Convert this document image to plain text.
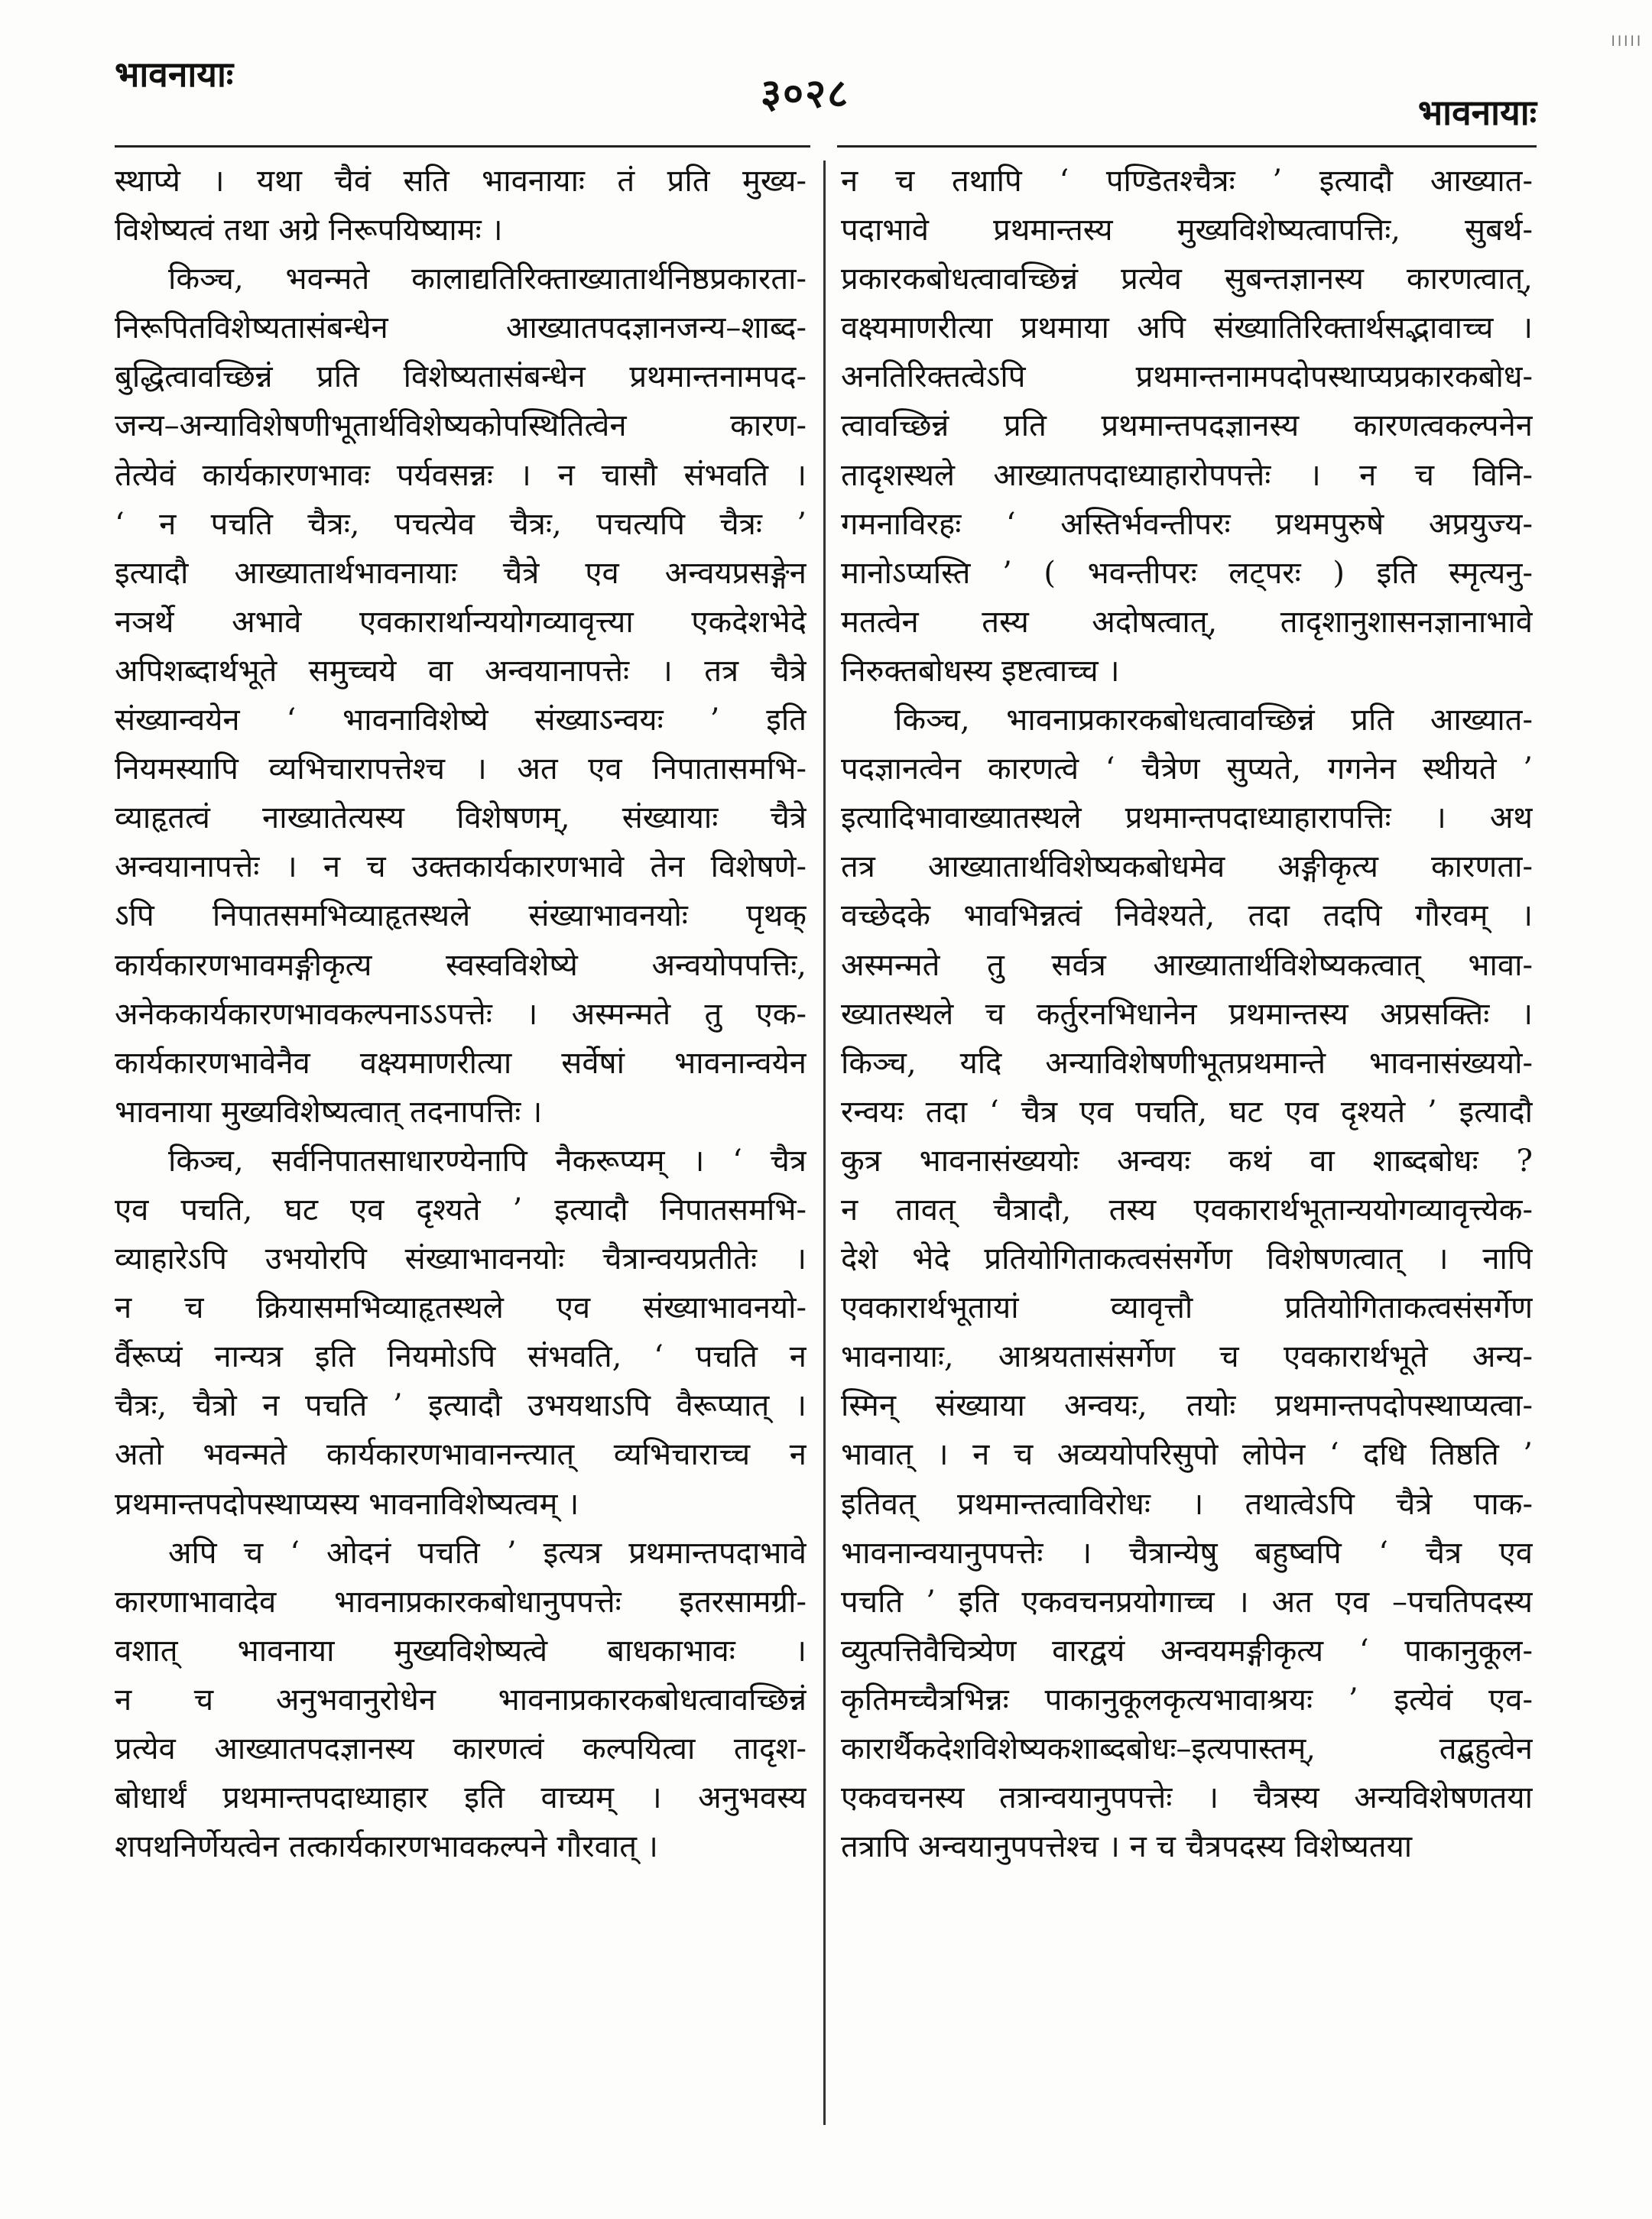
भावनायाः	३०२८	भावनायाः
।।।।।
स्थाप्ये । यथा चैवं सति भावनायाः तं प्रति मुख्य-
विशेष्यत्वं तथा अग्रे निरूपयिष्यामः ।
किञ्च, भवन्मते कालाद्यतिरिक्ताख्यातार्थनिष्ठप्रकारता-
निरूपितविशेष्यतासंबन्धेन आख्यातपदज्ञानजन्य–शाब्द-
बुद्धित्वावच्छिन्नं प्रति विशेष्यतासंबन्धेन प्रथमान्तनामपद-
जन्य–अन्याविशेषणीभूतार्थविशेष्यकोपस्थितित्वेन कारण-
तेत्येवं कार्यकारणभावः पर्यवसन्नः । न चासौ संभवति ।
‘ न पचति चैत्रः, पचत्येव चैत्रः, पचत्यपि चैत्रः ’
इत्यादौ आख्यातार्थभावनायाः चैत्रे एव अन्वयप्रसङ्गेन
नञर्थे अभावे एवकारार्थान्ययोगव्यावृत्त्या एकदेशभेदे
अपिशब्दार्थभूते समुच्चये वा अन्वयानापत्तेः । तत्र चैत्रे
संख्यान्वयेन ‘ भावनाविशेष्ये संख्याऽन्वयः ’ इति
नियमस्यापि व्यभिचारापत्तेश्च । अत एव निपातासमभि-
व्याहृतत्वं नाख्यातेत्यस्य विशेषणम्, संख्यायाः चैत्रे
अन्वयानापत्तेः । न च उक्तकार्यकारणभावे तेन विशेषणे-
ऽपि निपातसमभिव्याहृतस्थले संख्याभावनयोः पृथक्
कार्यकारणभावमङ्गीकृत्य स्वस्वविशेष्ये अन्वयोपपत्तिः,
अनेककार्यकारणभावकल्पनाऽऽपत्तेः । अस्मन्मते तु एक-
कार्यकारणभावेनैव वक्ष्यमाणरीत्या सर्वेषां भावनान्वयेन
भावनाया मुख्यविशेष्यत्वात् तदनापत्तिः ।
किञ्च, सर्वनिपातसाधारण्येनापि नैकरूप्यम् । ‘ चैत्र
एव पचति, घट एव दृश्यते ’ इत्यादौ निपातसमभि-
व्याहारेऽपि उभयोरपि संख्याभावनयोः चैत्रान्वयप्रतीतेः ।
न च क्रियासमभिव्याहृतस्थले एव संख्याभावनयो-
र्वैरूप्यं नान्यत्र इति नियमोऽपि संभवति, ‘ पचति न
चैत्रः, चैत्रो न पचति ’ इत्यादौ उभयथाऽपि वैरूप्यात् ।
अतो भवन्मते कार्यकारणभावानन्त्यात् व्यभिचाराच्च न
प्रथमान्तपदोपस्थाप्यस्य भावनाविशेष्यत्वम् ।
अपि च ‘ ओदनं पचति ’ इत्यत्र प्रथमान्तपदाभावे
कारणाभावादेव भावनाप्रकारकबोधानुपपत्तेः इतरसामग्री-
वशात् भावनाया मुख्यविशेष्यत्वे बाधकाभावः ।
न च अनुभवानुरोधेन भावनाप्रकारकबोधत्वावच्छिन्नं
प्रत्येव आख्यातपदज्ञानस्य कारणत्वं कल्पयित्वा तादृश-
बोधार्थं प्रथमान्तपदाध्याहार इति वाच्यम् । अनुभवस्य
शपथनिर्णेयत्वेन तत्कार्यकारणभावकल्पने गौरवात् ।
न च तथापि ‘ पण्डितश्चैत्रः ’ इत्यादौ आख्यात-
पदाभावे प्रथमान्तस्य मुख्यविशेष्यत्वापत्तिः, सुबर्थ-
प्रकारकबोधत्वावच्छिन्नं प्रत्येव सुबन्तज्ञानस्य कारणत्वात्,
वक्ष्यमाणरीत्या प्रथमाया अपि संख्यातिरिक्तार्थसद्भावाच्च ।
अनतिरिक्तत्वेऽपि प्रथमान्तनामपदोपस्थाप्यप्रकारकबोध-
त्वावच्छिन्नं प्रति प्रथमान्तपदज्ञानस्य कारणत्वकल्पनेन
तादृशस्थले आख्यातपदाध्याहारोपपत्तेः । न च विनि-
गमनाविरहः ‘ अस्तिर्भवन्तीपरः प्रथमपुरुषे अप्रयुज्य-
मानोऽप्यस्ति ’ ( भवन्तीपरः लट्परः ) इति स्मृत्यनु-
मतत्वेन तस्य अदोषत्वात्, तादृशानुशासनज्ञानाभावे
निरुक्तबोधस्य इष्टत्वाच्च ।
किञ्च, भावनाप्रकारकबोधत्वावच्छिन्नं प्रति आख्यात-
पदज्ञानत्वेन कारणत्वे ‘ चैत्रेण सुप्यते, गगनेन स्थीयते ’
इत्यादिभावाख्यातस्थले प्रथमान्तपदाध्याहारापत्तिः । अथ
तत्र आख्यातार्थविशेष्यकबोधमेव अङ्गीकृत्य कारणता-
वच्छेदके भावभिन्नत्वं निवेश्यते, तदा तदपि गौरवम् ।
अस्मन्मते तु सर्वत्र आख्यातार्थविशेष्यकत्वात् भावा-
ख्यातस्थले च कर्तुरनभिधानेन प्रथमान्तस्य अप्रसक्तिः ।
किञ्च, यदि अन्याविशेषणीभूतप्रथमान्ते भावनासंख्ययो-
रन्वयः तदा ‘ चैत्र एव पचति, घट एव दृश्यते ’ इत्यादौ
कुत्र भावनासंख्ययोः अन्वयः कथं वा शाब्दबोधः ?
न तावत् चैत्रादौ, तस्य एवकारार्थभूतान्ययोगव्यावृत्त्येक-
देशे भेदे प्रतियोगिताकत्वसंसर्गेण विशेषणत्वात् । नापि
एवकारार्थभूतायां व्यावृत्तौ प्रतियोगिताकत्वसंसर्गेण
भावनायाः, आश्रयतासंसर्गेण च एवकारार्थभूते अन्य-
स्मिन् संख्याया अन्वयः, तयोः प्रथमान्तपदोपस्थाप्यत्वा-
भावात् । न च अव्ययोपरिसुपो लोपेन ‘ दधि तिष्ठति ’
इतिवत् प्रथमान्तत्वाविरोधः । तथात्वेऽपि चैत्रे पाक-
भावनान्वयानुपपत्तेः । चैत्रान्येषु बहुष्वपि ‘ चैत्र एव
पचति ’ इति एकवचनप्रयोगाच्च । अत एव –पचतिपदस्य
व्युत्पत्तिवैचित्र्येण वारद्वयं अन्वयमङ्गीकृत्य ‘ पाकानुकूल-
कृतिमच्चैत्रभिन्नः पाकानुकूलकृत्यभावाश्रयः ’ इत्येवं एव-
कारार्थैकदेशविशेष्यकशाब्दबोधः–इत्यपास्तम्, तद्बहुत्वेन
एकवचनस्य तत्रान्वयानुपपत्तेः । चैत्रस्य अन्यविशेषणतया
तत्रापि अन्वयानुपपत्तेश्च । न च चैत्रपदस्य विशेष्यतया
